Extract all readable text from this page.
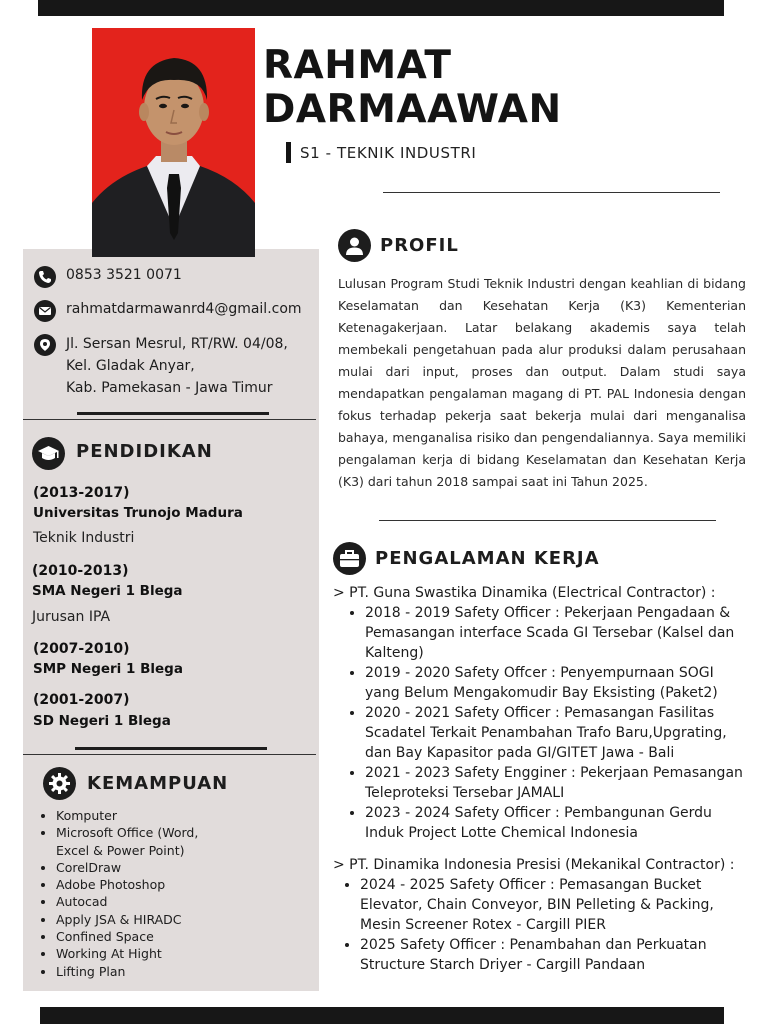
RAHMAT
DARMAAWAN
S1 - TEKNIK INDUSTRI
0853 3521 0071
rahmatdarmawanrd4@gmail.com
Jl. Sersan Mesrul, RT/RW. 04/08,
Kel. Gladak Anyar,
Kab. Pamekasan - Jawa Timur
PENDIDIKAN
(2013-2017)
Universitas Trunojo Madura
Teknik Industri
(2010-2013)
SMA Negeri 1 Blega
Jurusan IPA
(2007-2010)
SMP Negeri 1 Blega
(2001-2007)
SD Negeri 1 Blega
KEMAMPUAN
• Komputer
• Microsoft Office (Word, Excel & Power Point)
• CorelDraw
• Adobe Photoshop
• Autocad
• Apply JSA & HIRADC
• Confined Space
• Working At Hight
• Lifting Plan
PROFIL

Lulusan Program Studi Teknik Industri dengan keahlian di bidang Keselamatan dan Kesehatan Kerja (K3) Kementerian Ketenagakerjaan. Latar belakang akademis saya telah membekali pengetahuan pada alur produksi dalam perusahaan mulai dari input, proses dan output. Dalam studi saya mendapatkan pengalaman magang di PT. PAL Indonesia dengan fokus terhadap pekerja saat bekerja mulai dari menganalisa bahaya, menganalisa risiko dan pengendaliannya. Saya memiliki pengalaman kerja di bidang Keselamatan dan Kesehatan Kerja (K3) dari tahun 2018 sampai saat ini Tahun 2025.

PENGALAMAN KERJA
> PT. Guna Swastika Dinamika (Electrical Contractor) :
• 2018 - 2019 Safety Officer : Pekerjaan Pengadaan & Pemasangan interface Scada GI Tersebar (Kalsel dan Kalteng)
• 2019 - 2020 Safety Offcer : Penyempurnaan SOGI yang Belum Mengakomudir Bay Eksisting (Paket2)
• 2020 - 2021 Safety Officer : Pemasangan Fasilitas Scadatel Terkait Penambahan Trafo Baru,Upgrating, dan Bay Kapasitor pada GI/GITET Jawa - Bali
• 2021 - 2023 Safety Engginer : Pekerjaan Pemasangan Teleproteksi Tersebar JAMALI
• 2023 - 2024 Safety Officer : Pembangunan Gerdu Induk Project Lotte Chemical Indonesia
> PT. Dinamika Indonesia Presisi (Mekanikal Contractor) :
• 2024 - 2025 Safety Officer : Pemasangan Bucket Elevator, Chain Conveyor, BIN Pelleting & Packing, Mesin Screener Rotex - Cargill PIER
• 2025 Safety Officer : Penambahan dan Perkuatan Structure Starch Driyer - Cargill Pandaan
